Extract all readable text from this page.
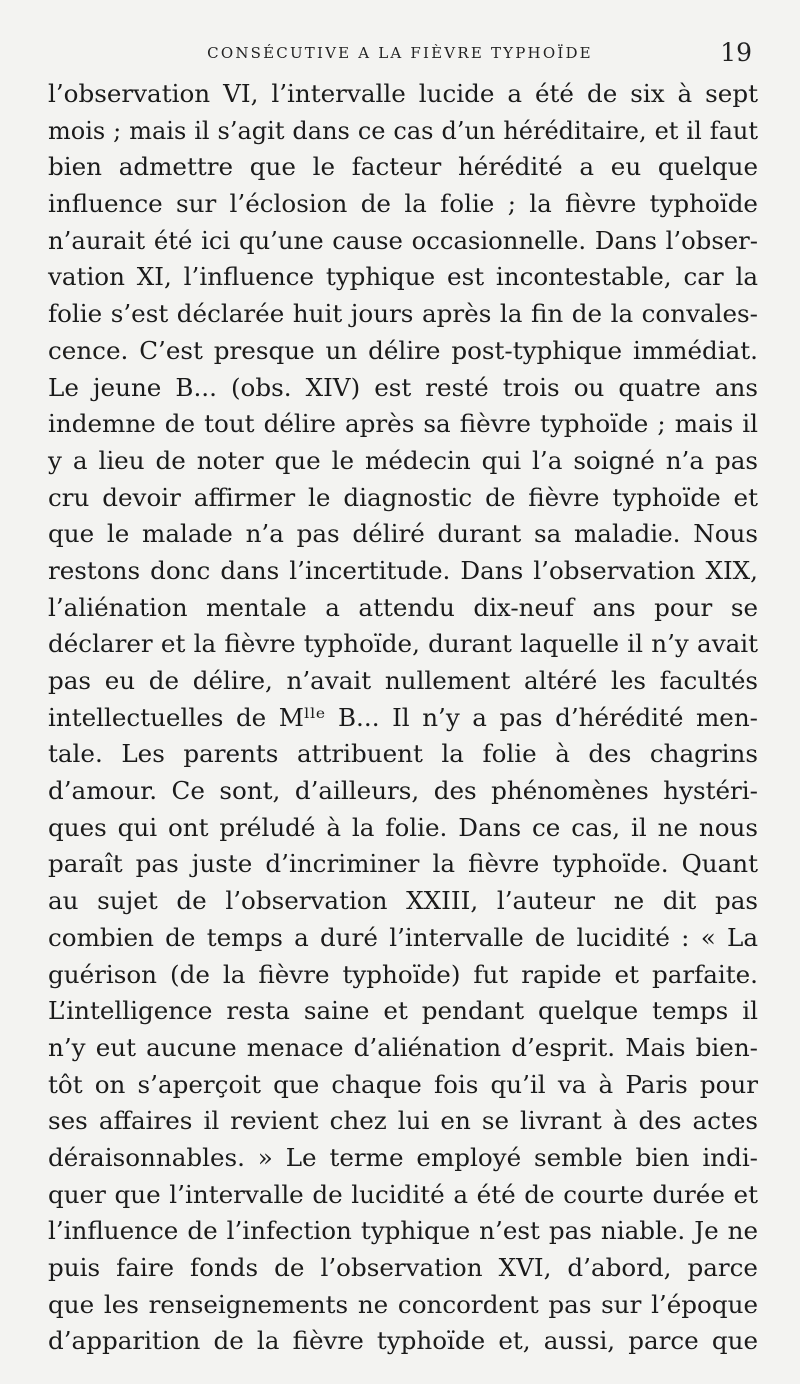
CONSÉCUTIVE A LA FIÈVRE TYPHOÏDE	19
l’observation VI, l’intervalle lucide a été de six à sept
mois ; mais il s’agit dans ce cas d’un héréditaire, et il faut
bien admettre que le facteur hérédité a eu quelque
influence sur l’éclosion de la folie ; la fièvre typhoïde
n’aurait été ici qu’une cause occasionnelle. Dans l’obser-
vation XI, l’influence typhique est incontestable, car la
folie s’est déclarée huit jours après la fin de la convales-
cence. C’est presque un délire post-typhique immédiat.
Le jeune B... (obs. XIV) est resté trois ou quatre ans
indemne de tout délire après sa fièvre typhoïde ; mais il
y a lieu de noter que le médecin qui l’a soigné n’a pas
cru devoir affirmer le diagnostic de fièvre typhoïde et
que le malade n’a pas déliré durant sa maladie. Nous
restons donc dans l’incertitude. Dans l’observation XIX,
l’aliénation mentale a attendu dix-neuf ans pour se
déclarer et la fièvre typhoïde, durant laquelle il n’y avait
pas eu de délire, n’avait nullement altéré les facultés
intellectuelles de Mˡˡᵉ B... Il n’y a pas d’hérédité men-
tale. Les parents attribuent la folie à des chagrins
d’amour. Ce sont, d’ailleurs, des phénomènes hystéri-
ques qui ont préludé à la folie. Dans ce cas, il ne nous
paraît pas juste d’incriminer la fièvre typhoïde. Quant
au sujet de l’observation XXIII, l’auteur ne dit pas
combien de temps a duré l’intervalle de lucidité : « La
guérison (de la fièvre typhoïde) fut rapide et parfaite.
L’intelligence resta saine et pendant quelque temps il
n’y eut aucune menace d’aliénation d’esprit. Mais bien-
tôt on s’aperçoit que chaque fois qu’il va à Paris pour
ses affaires il revient chez lui en se livrant à des actes
déraisonnables. » Le terme employé semble bien indi-
quer que l’intervalle de lucidité a été de courte durée et
l’influence de l’infection typhique n’est pas niable. Je ne
puis faire fonds de l’observation XVI, d’abord, parce
que les renseignements ne concordent pas sur l’époque
d’apparition de la fièvre typhoïde et, aussi, parce que
